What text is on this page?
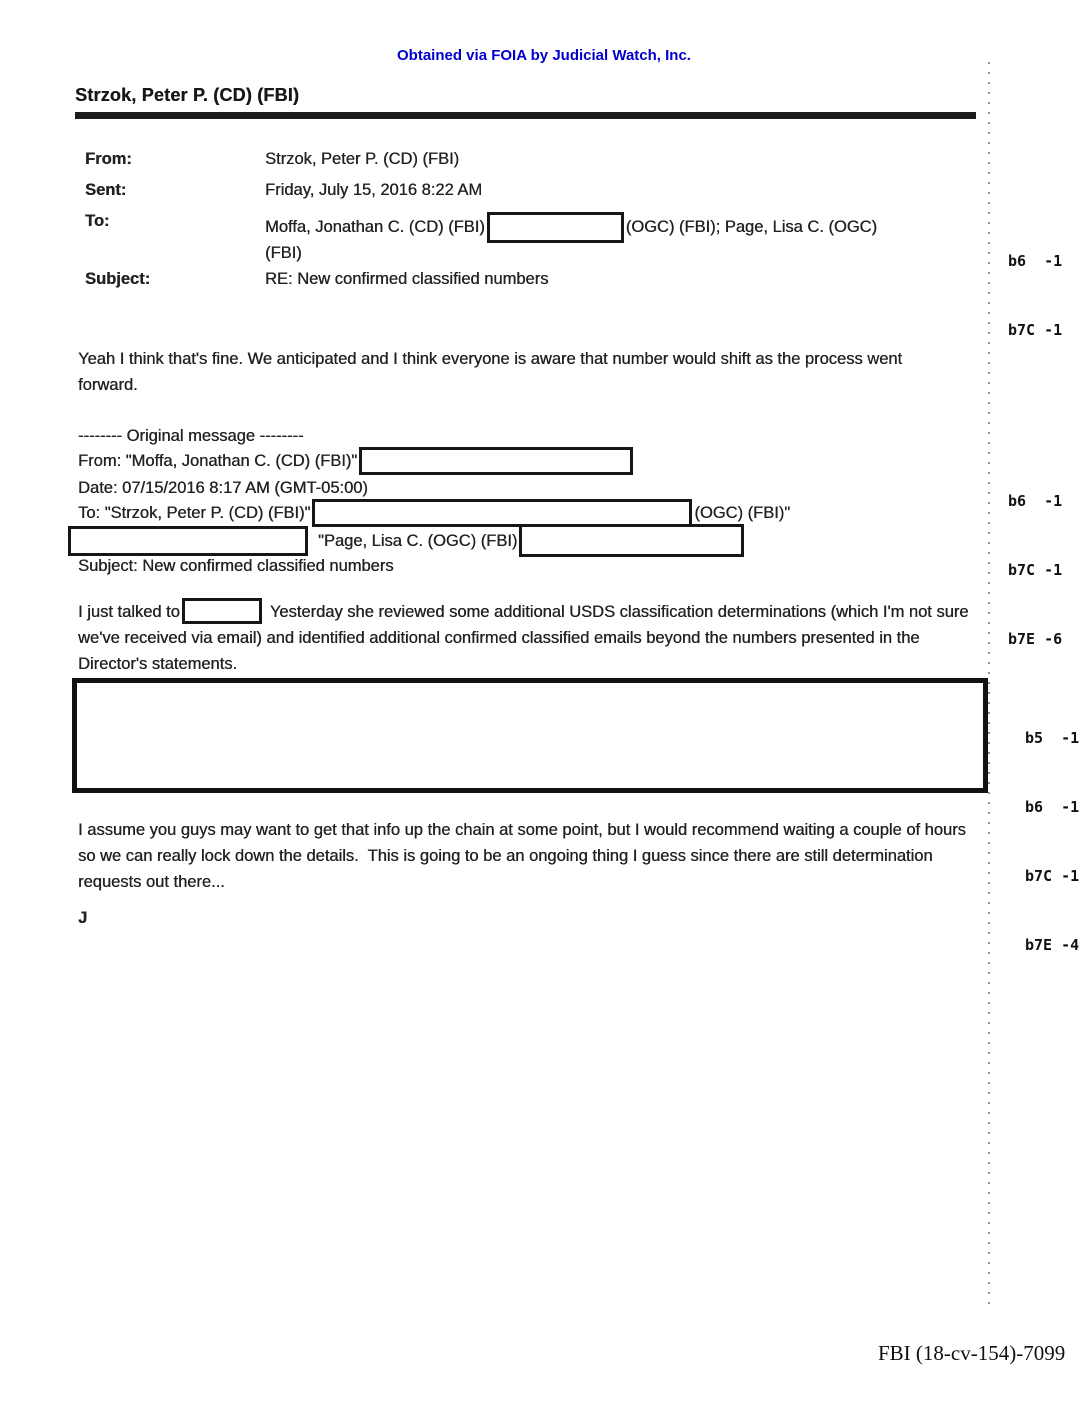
Obtained via FOIA by Judicial Watch, Inc.
Strzok, Peter P. (CD) (FBI)
From:	Strzok, Peter P. (CD) (FBI)
Sent:	Friday, July 15, 2016 8:22 AM
To:	Moffa, Jonathan C. (CD) (FBI)	(OGC) (FBI); Page, Lisa C. (OGC)
(FBI)
Subject:	RE: New confirmed classified numbers
Yeah I think that's fine. We anticipated and I think everyone is aware that number would shift as the process went forward.
-------- Original message --------
From: "Moffa, Jonathan C. (CD) (FBI)"
Date: 07/15/2016 8:17 AM (GMT-05:00)
To: "Strzok, Peter P. (CD) (FBI)"	(OGC) (FBI)"
"Page, Lisa C. (OGC) (FBI)
Subject: New confirmed classified numbers
I just talked to	Yesterday she reviewed some additional USDS classification determinations (which I'm not sure we've received via email) and identified additional confirmed classified emails beyond the numbers presented in the Director's statements.
I assume you guys may want to get that info up the chain at some point, but I would recommend waiting a couple of hours so we can really lock down the details.  This is going to be an ongoing thing I guess since there are still determination requests out there...
J

b6  -1

b7C -1

b6  -1

b7C -1

b7E -6

b5  -1

b6  -1

b7C -1

b7E -4

FBI (18-cv-154)-7099
